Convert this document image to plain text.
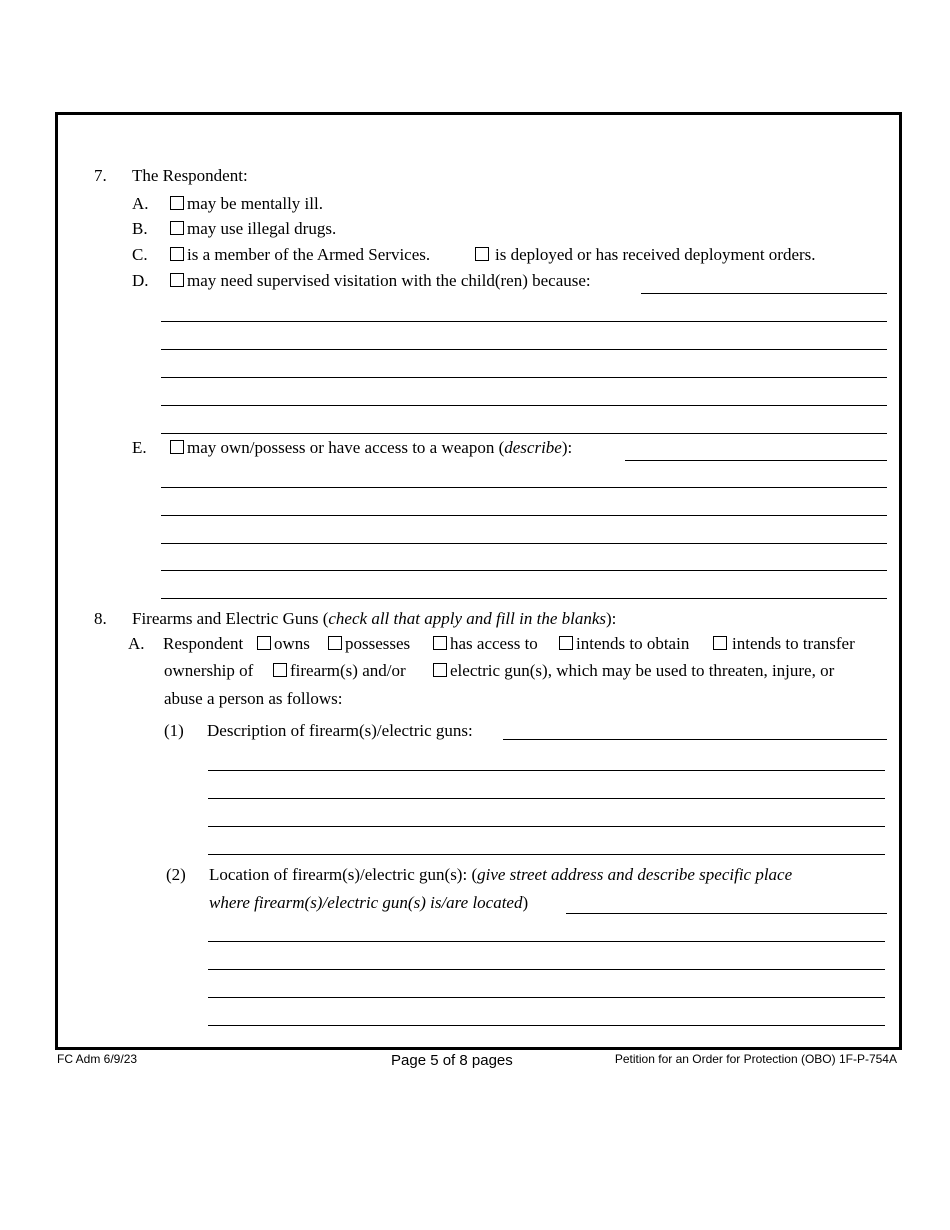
7. The Respondent:
A.	may be mentally ill.
B.	may use illegal drugs.
C.	is a member of the Armed Services.	is deployed or has received deployment orders.
D.	may need supervised visitation with the child(ren) because:
E.	may own/possess or have access to a weapon (describe):
8. Firearms and Electric Guns (check all that apply and fill in the blanks):
A. Respondent	owns	possesses	has access to	intends to obtain	intends to transfer
ownership of	firearm(s) and/or	electric gun(s), which may be used to threaten, injure, or
abuse a person as follows:
(1) Description of firearm(s)/electric guns:
(2) Location of firearm(s)/electric gun(s): (give street address and describe specific place
where firearm(s)/electric gun(s) is/are located)
FC Adm 6/9/23	Page 5 of 8 pages	Petition for an Order for Protection (OBO) 1F-P-754A
